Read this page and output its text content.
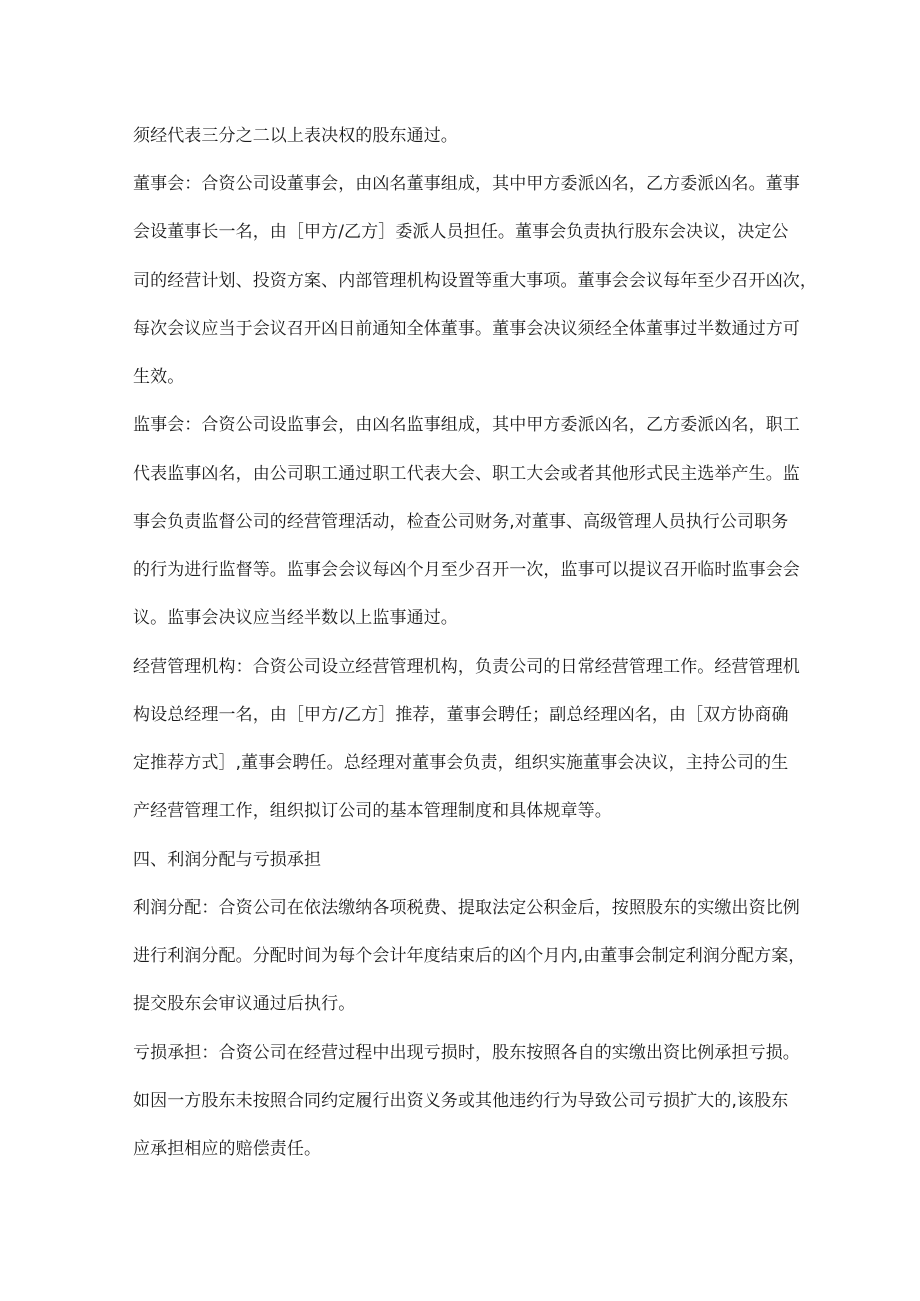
须经代表三分之二以上表决权的股东通过。

董事会：合资公司设董事会，由凶名董事组成，其中甲方委派凶名，乙方委派凶名。董事

会设董事长一名，由［甲方/乙方］委派人员担任。董事会负责执行股东会决议，决定公

司的经营计划、投资方案、内部管理机构设置等重大事项。董事会会议每年至少召开凶次，

每次会议应当于会议召开凶日前通知全体董事。董事会决议须经全体董事过半数通过方可

生效。

监事会：合资公司设监事会，由凶名监事组成，其中甲方委派凶名，乙方委派凶名，职工

代表监事凶名，由公司职工通过职工代表大会、职工大会或者其他形式民主选举产生。监

事会负责监督公司的经营管理活动，检查公司财务,对董事、高级管理人员执行公司职务

的行为进行监督等。监事会会议每凶个月至少召开一次，监事可以提议召开临时监事会会

议。监事会决议应当经半数以上监事通过。

经营管理机构：合资公司设立经营管理机构，负责公司的日常经营管理工作。经营管理机

构设总经理一名，由［甲方/乙方］推荐，董事会聘任；副总经理凶名，由［双方协商确

定推荐方式］,董事会聘任。总经理对董事会负责，组织实施董事会决议，主持公司的生

产经营管理工作，组织拟订公司的基本管理制度和具体规章等。

四、利润分配与亏损承担

利润分配：合资公司在依法缴纳各项税费、提取法定公积金后，按照股东的实缴出资比例

进行利润分配。分配时间为每个会计年度结束后的凶个月内,由董事会制定利润分配方案，

提交股东会审议通过后执行。

亏损承担：合资公司在经营过程中出现亏损时，股东按照各自的实缴出资比例承担亏损。

如因一方股东未按照合同约定履行出资义务或其他违约行为导致公司亏损扩大的,该股东

应承担相应的赔偿责任。
